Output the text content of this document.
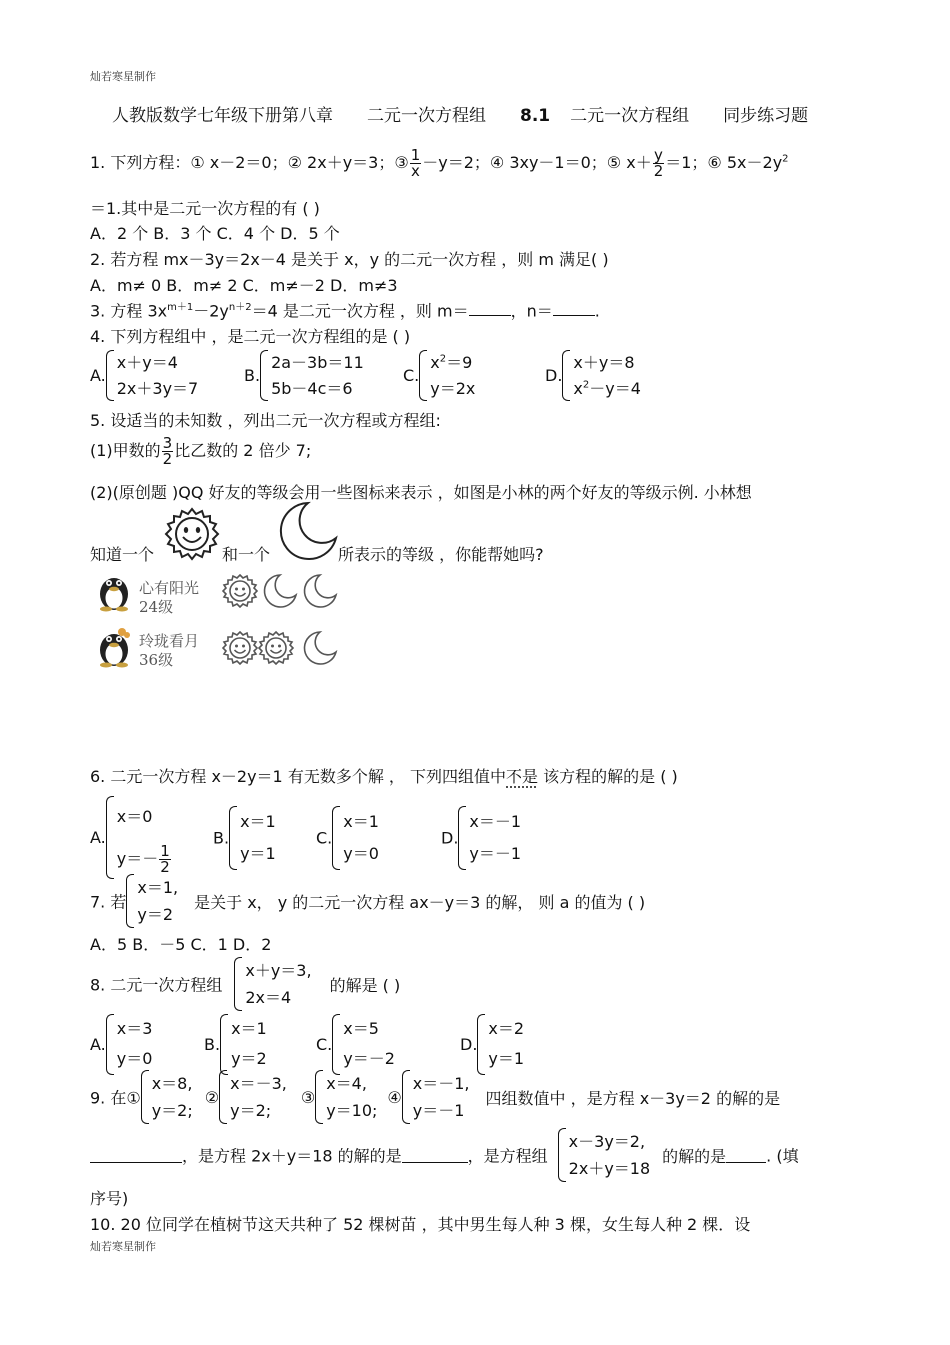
灿若寒星制作
人教版数学七年级下册第八章 二元一次方程组 8.1 二元一次方程组 同步练习题
1. 下列方程：① x－2＝0；② 2x＋y＝3；③ $\frac{1}{x} -y=2$；④ 3xy－1＝0；⑤ $x+ \frac{y}{2} =1$；⑥ $5x-2y^2$
＝1.其中是二元一次方程的有 ( )
A．2 个 B．3 个 C．4 个 D．5 个
2. 若方程 mx－3y＝2x－4 是关于 x，y 的二元一次方程 ，则 m 满足( )
A．m≠ 0 B．m≠ 2 C．m≠－2 D．m≠3
3. 方程 $3x^{m+1}-2y^{n+2}=4$ 是二元一次方程 ，则 m＝	，n＝	.
4. 下列方程组中 ，是二元一次方程组的是 ( )
A.
x＋y＝4
2x＋3y＝7
B.
2a－3b＝11
5b－4c＝6
C.
$x^2=9$
y＝2x
D.
x＋y＝8
$x^2-y=4$
5. 设适当的未知数 ，列出二元一次方程或方程组:
(1)甲数的 $\frac{3}{2}$ 比乙数的 2 倍少 7;
(2)(原创题 )QQ 好友的等级会用一些图标来表示 ，如图是小林的两个好友的等级示例. 小林想
知道一个	和一个	所表示的等级 ，你能帮她吗?
心有阳光
24级
玲珑看月
36级
6. 二元一次方程 x－2y＝1 有无数多个解 ， 下列四组值中不是 该方程的解的是 ( )
A.
x＝0
$y=- \frac{1}{2}$
B.
x＝1
y＝1
C.
x＝1
y＝0
D.
x＝－1
y＝－1
7. 若
x＝1,
y＝2
是关于 x， y 的二元一次方程 ax－y＝3 的解， 则 a 的值为 ( )
A．5 B．－5 C．1 D．2
8. 二元一次方程组
x＋y＝3,
2x＝4
的解是 ( )
A.
x＝3
y＝0
B.
x＝1
y＝2
C.
x＝5
y＝－2
D.
x＝2
y＝1
9. 在①
x＝8,
y＝2;
②
x＝－3,
y＝2;
③
x＝4,
y＝10;
④
x＝－1,
y＝－1
四组数值中 ，是方程 x－3y＝2 的解的是
，是方程 2x＋y＝18 的解的是	，是方程组
x－3y＝2,
2x＋y＝18
的解的是	. (填
序号)
10. 20 位同学在植树节这天共种了 52 棵树苗 ，其中男生每人种 3 棵，女生每人种 2 棵．设
灿若寒星制作
